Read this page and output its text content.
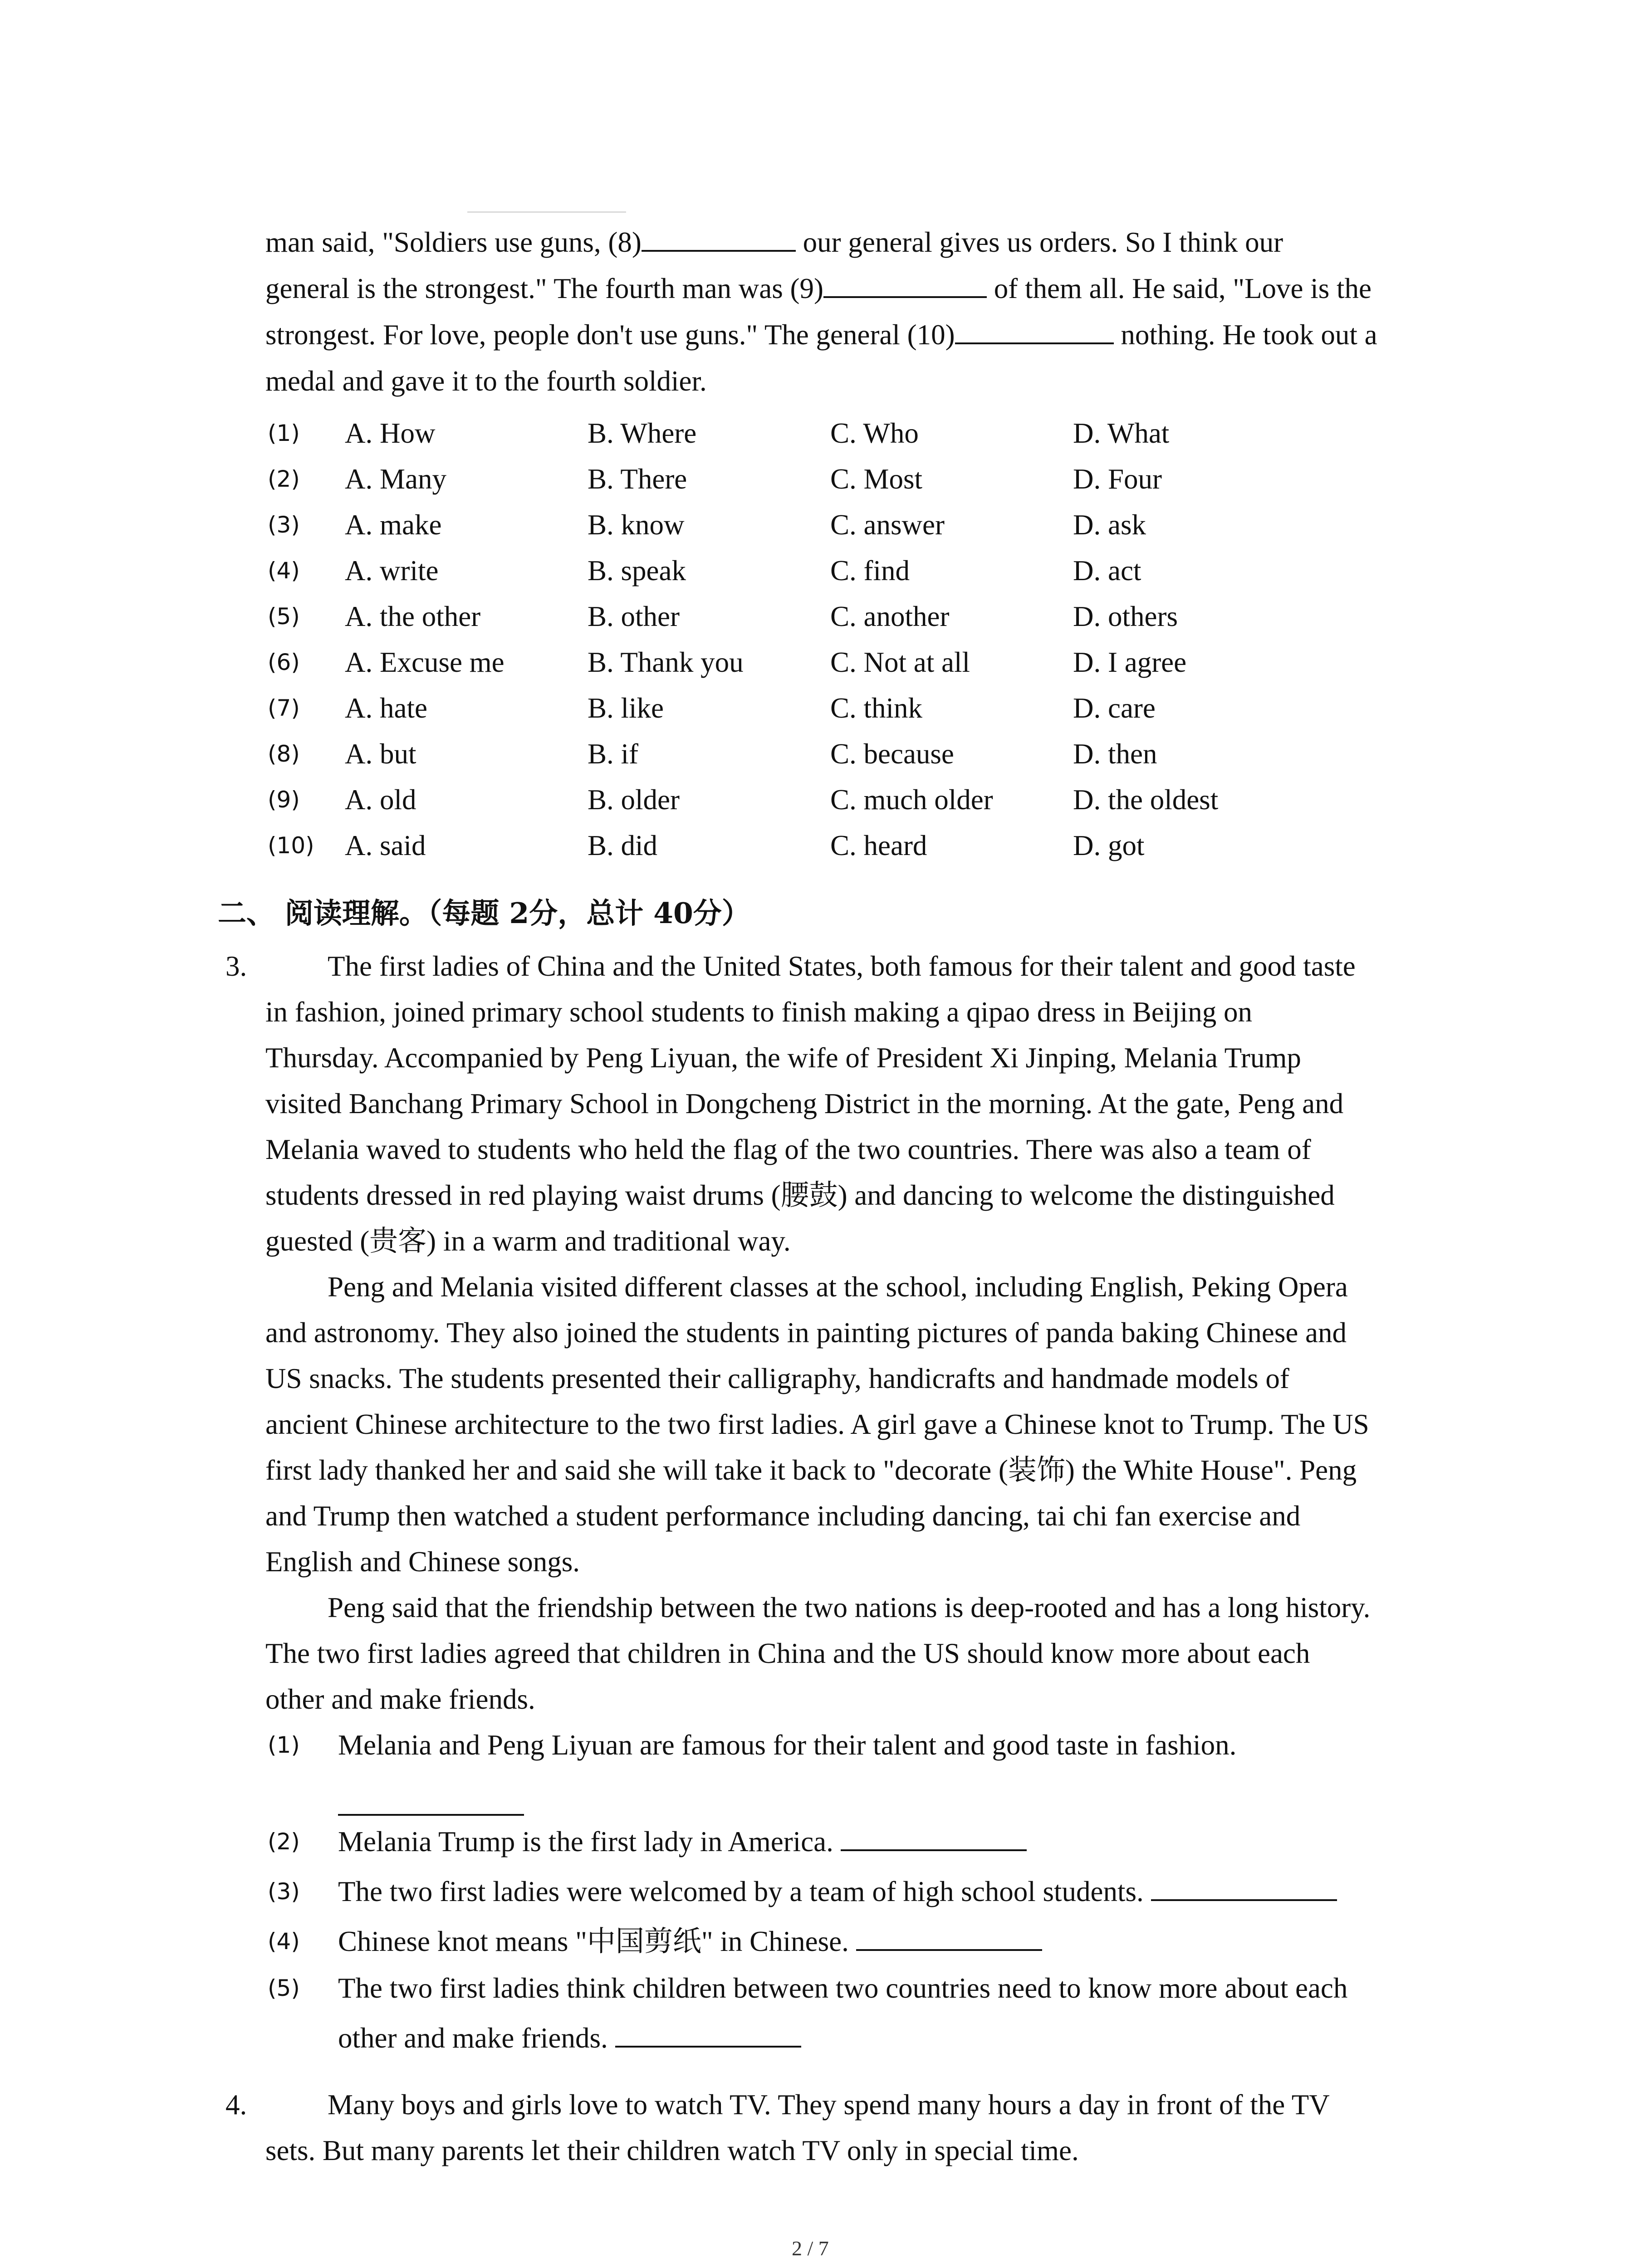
man said, "Soldiers use guns, (8)	our general gives us orders. So I think our
general is the strongest." The fourth man was (9)	of them all. He said, "Love is the
strongest. For love, people don't use guns." The general (10)	nothing. He took out a
medal and gave it to the fourth soldier.
(1) A. How	B. Where	C. Who	D. What
(2) A. Many	B. There	C. Most	D. Four
(3) A. make	B. know	C. answer	D. ask
(4) A. write	B. speak	C. find	D. act
(5) A. the other	B. other	C. another	D. others
(6) A. Excuse me	B. Thank you	C. Not at all	D. I agree
(7) A. hate	B. like	C. think	D. care
(8) A. but	B. if	C. because	D. then
(9) A. old	B. older	C. much older	D. the oldest
(10) A. said	B. did	C. heard	D. got
二、 阅读理解。（每题 2分，总计 40分）
3.	The first ladies of China and the United States, both famous for their talent and good taste
in fashion, joined primary school students to finish making a qipao dress in Beijing on
Thursday. Accompanied by Peng Liyuan, the wife of President Xi Jinping, Melania Trump
visited Banchang Primary School in Dongcheng District in the morning. At the gate, Peng and
Melania waved to students who held the flag of the two countries. There was also a team of
students dressed in red playing waist drums (腰鼓) and dancing to welcome the distinguished
guested (贵客) in a warm and traditional way.
Peng and Melania visited different classes at the school, including English, Peking Opera
and astronomy. They also joined the students in painting pictures of panda baking Chinese and
US snacks. The students presented their calligraphy, handicrafts and handmade models of
ancient Chinese architecture to the two first ladies. A girl gave a Chinese knot to Trump. The US
first lady thanked her and said she will take it back to "decorate (装饰) the White House". Peng
and Trump then watched a student performance including dancing, tai chi fan exercise and
English and Chinese songs.
Peng said that the friendship between the two nations is deep-rooted and has a long history.
The two first ladies agreed that children in China and the US should know more about each
other and make friends.
(1) Melania and Peng Liyuan are famous for their talent and good taste in fashion.
(2) Melania Trump is the first lady in America.
(3) The two first ladies were welcomed by a team of high school students.
(4) Chinese knot means "中国剪纸" in Chinese.
(5) The two first ladies think children between two countries need to know more about each
other and make friends.
4.	Many boys and girls love to watch TV. They spend many hours a day in front of the TV
sets. But many parents let their children watch TV only in special time.
2 / 7
